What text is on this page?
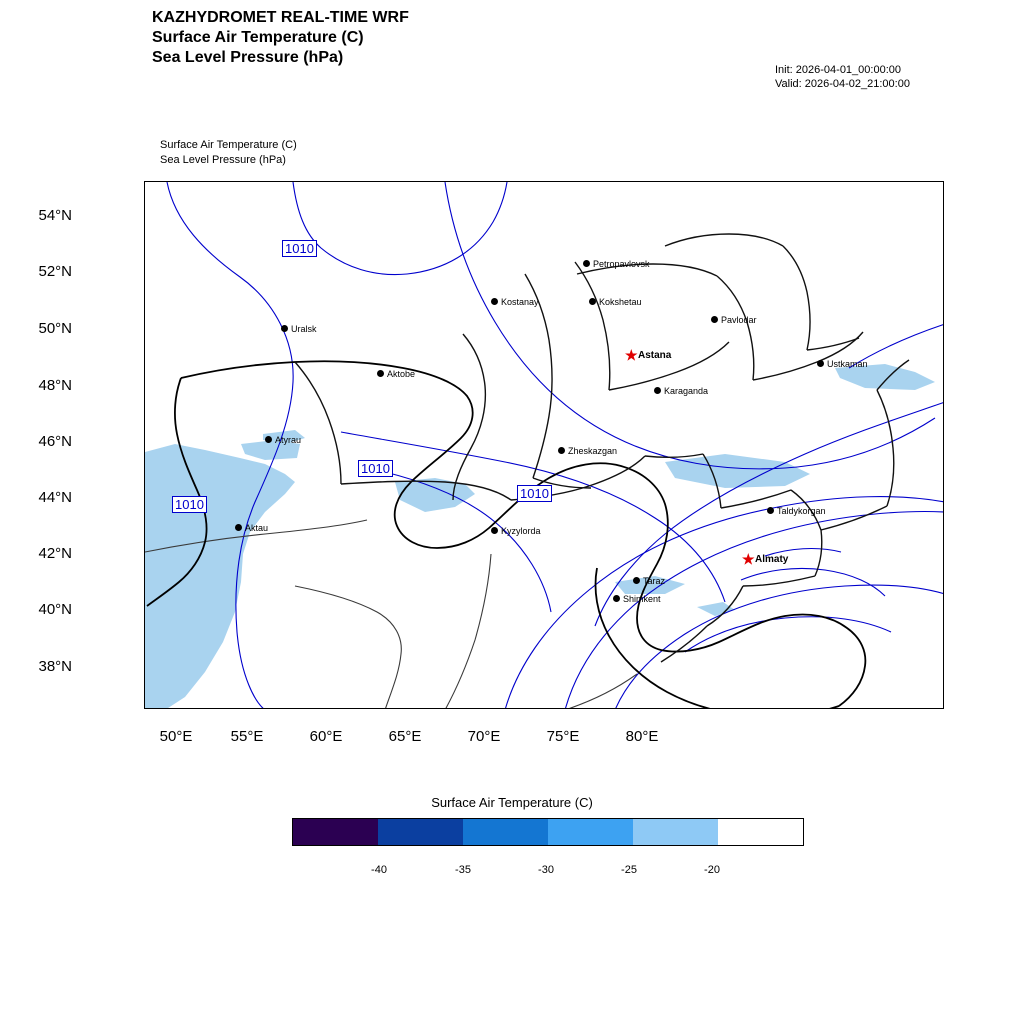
KAZHYDROMET REAL-TIME WRF
Surface Air Temperature (C)
Sea Level Pressure (hPa)
Init: 2026-04-01_00:00:00
Valid: 2026-04-02_21:00:00
Surface Air Temperature (C)
Sea Level Pressure (hPa)
1010
1010
1010
1010
Uralsk
Aktobe
Atyrau
Aktau
Kostanay
Petropavlovsk
Kokshetau
Pavlodar
Karaganda
Zheskazgan
Ustkaman
Taldykorgan
Kyzylorda
Taraz
Shimkent
★ Astana
★ Almaty
54°N
52°N
50°N
48°N
46°N
44°N
42°N
40°N
38°N
50°E	55°E	60°E	65°E	70°E	75°E	80°E
Surface Air Temperature (C)
-40	-35	-30	-25	-20
